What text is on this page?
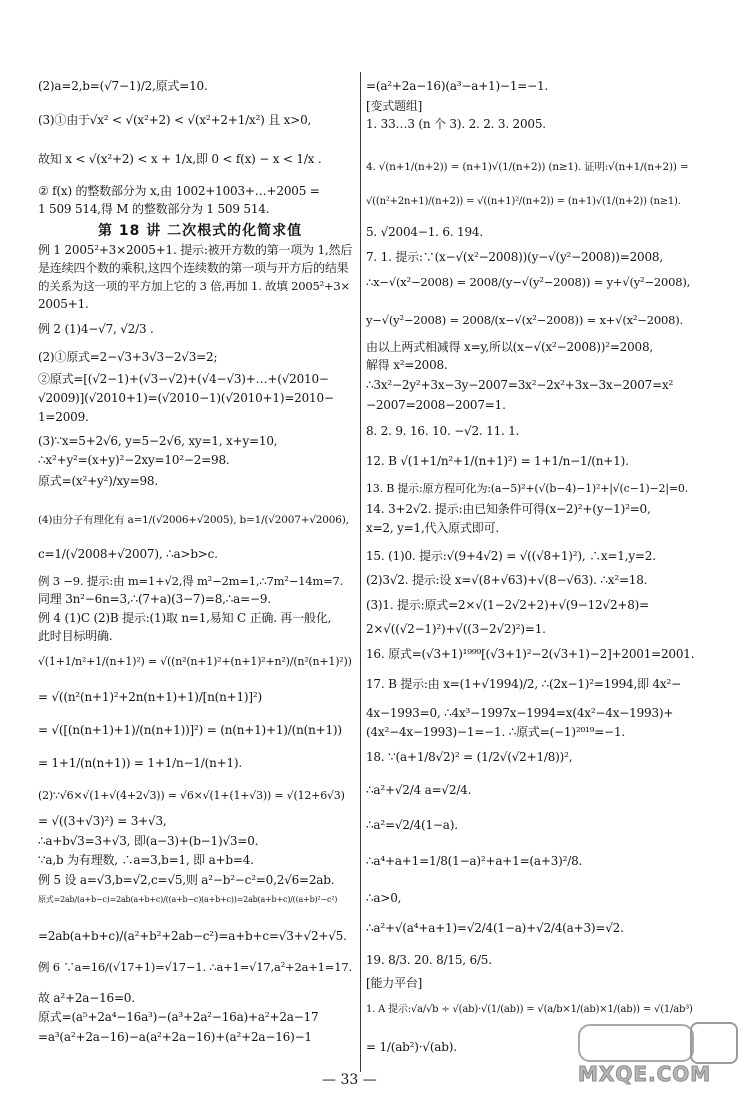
(2)a=2,b=(√7−1)/2,原式=10.
(3)①由于√x² < √(x²+2) < √(x²+2+1/x²) 且 x>0,
故知 x < √(x²+2) < x + 1/x,即 0 < f(x) − x < 1/x .
② f(x) 的整数部分为 x,由 1002+1003+…+2005 =
1 509 514,得 M 的整数部分为 1 509 514.
第 18 讲 二次根式的化简求值
例 1 2005²+3×2005+1. 提示:被开方数的第一项为 1,然后
是连续四个数的乘积,这四个连续数的第一项与开方后的结果
的关系为这一项的平方加上它的 3 倍,再加 1. 故填 2005²+3×
2005+1.
例 2 (1)4−√7, √2/3 .
(2)①原式=2−√3+3√3−2√3=2;
②原式=[(√2−1)+(√3−√2)+(√4−√3)+…+(√2010−
√2009)](√2010+1)=(√2010−1)(√2010+1)=2010−
1=2009.
(3)∵x=5+2√6, y=5−2√6, xy=1, x+y=10,
∴x²+y²=(x+y)²−2xy=10²−2=98.
原式=(x²+y²)/xy=98.
(4)由分子有理化有 a=1/(√2006+√2005), b=1/(√2007+√2006),
c=1/(√2008+√2007), ∴a>b>c.
例 3 −9. 提示:由 m=1+√2,得 m²−2m=1,∴7m²−14m=7.
同理 3n²−6n=3,∴(7+a)(3−7)=8,∴a=−9.
例 4 (1)C (2)B 提示:(1)取 n=1,易知 C 正确. 再一般化,
此时目标明确.
√(1+1/n²+1/(n+1)²) = √((n²(n+1)²+(n+1)²+n²)/(n²(n+1)²))
= √((n²(n+1)²+2n(n+1)+1)/[n(n+1)]²)
= √([(n(n+1)+1)/(n(n+1))]²) = (n(n+1)+1)/(n(n+1))
= 1+1/(n(n+1)) = 1+1/n−1/(n+1).
(2)∵√6×√(1+√(4+2√3)) = √6×√(1+(1+√3)) = √(12+6√3)
= √((3+√3)²) = 3+√3,
∴a+b√3=3+√3, 即(a−3)+(b−1)√3=0.
∵a,b 为有理数, ∴a=3,b=1, 即 a+b=4.
例 5 设 a=√3,b=√2,c=√5,则 a²−b²−c²=0,2√6=2ab.
原式=2ab/(a+b−c)=2ab(a+b+c)/((a+b−c)(a+b+c))=2ab(a+b+c)/((a+b)²−c²)
=2ab(a+b+c)/(a²+b²+2ab−c²)=a+b+c=√3+√2+√5.
例 6 ∵a=16/(√17+1)=√17−1. ∴a+1=√17,a²+2a+1=17.
故 a²+2a−16=0.
原式=(a⁵+2a⁴−16a³)−(a³+2a²−16a)+a²+2a−17
=a³(a²+2a−16)−a(a²+2a−16)+(a²+2a−16)−1
=(a²+2a−16)(a³−a+1)−1=−1.
[变式题组]
1. 33…3 (n 个 3). 2. 2. 3. 2005.
4. √(n+1/(n+2)) = (n+1)√(1/(n+2)) (n≥1). 证明:√(n+1/(n+2)) =
√((n²+2n+1)/(n+2)) = √((n+1)²/(n+2)) = (n+1)√(1/(n+2)) (n≥1).
5. √2004−1. 6. 194.
7. 1. 提示:∵(x−√(x²−2008))(y−√(y²−2008))=2008,
∴x−√(x²−2008) = 2008/(y−√(y²−2008)) = y+√(y²−2008),
y−√(y²−2008) = 2008/(x−√(x²−2008)) = x+√(x²−2008).
由以上两式相减得 x=y,所以(x−√(x²−2008))²=2008,
解得 x²=2008.
∴3x²−2y²+3x−3y−2007=3x²−2x²+3x−3x−2007=x²
−2007=2008−2007=1.
8. 2. 9. 16. 10. −√2. 11. 1.
12. B √(1+1/n²+1/(n+1)²) = 1+1/n−1/(n+1).
13. B 提示:原方程可化为:(a−5)²+(√(b−4)−1)²+|√(c−1)−2|=0.
14. 3+2√2. 提示:由已知条件可得(x−2)²+(y−1)²=0,
x=2, y=1,代入原式即可.
15. (1)0. 提示:√(9+4√2) = √((√8+1)²), ∴x=1,y=2.
(2)3√2. 提示:设 x=√(8+√63)+√(8−√63). ∴x²=18.
(3)1. 提示:原式=2×√(1−2√2+2)+√(9−12√2+8)=
2×√((√2−1)²)+√((3−2√2)²)=1.
16. 原式=(√3+1)¹⁹⁹⁹[(√3+1)²−2(√3+1)−2]+2001=2001.
17. B 提示:由 x=(1+√1994)/2, ∴(2x−1)²=1994,即 4x²−
4x−1993=0, ∴4x³−1997x−1994=x(4x²−4x−1993)+
(4x²−4x−1993)−1=−1. ∴原式=(−1)²⁰¹⁹=−1.
18. ∵(a+1/8√2)² = (1/2√(√2+1/8))²,
∴a²+√2/4 a=√2/4.
∴a²=√2/4(1−a).
∴a⁴+a+1=1/8(1−a)²+a+1=(a+3)²/8.
∴a>0,
∴a²+√(a⁴+a+1)=√2/4(1−a)+√2/4(a+3)=√2.
19. 8/3. 20. 8/15, 6/5.
[能力平台]
1. A 提示:√a/√b ÷ √(ab)·√(1/(ab)) = √(a/b×1/(ab)×1/(ab)) = √(1/ab³)
= 1/(ab²)·√(ab).
— 33 —	MXQE.COM
